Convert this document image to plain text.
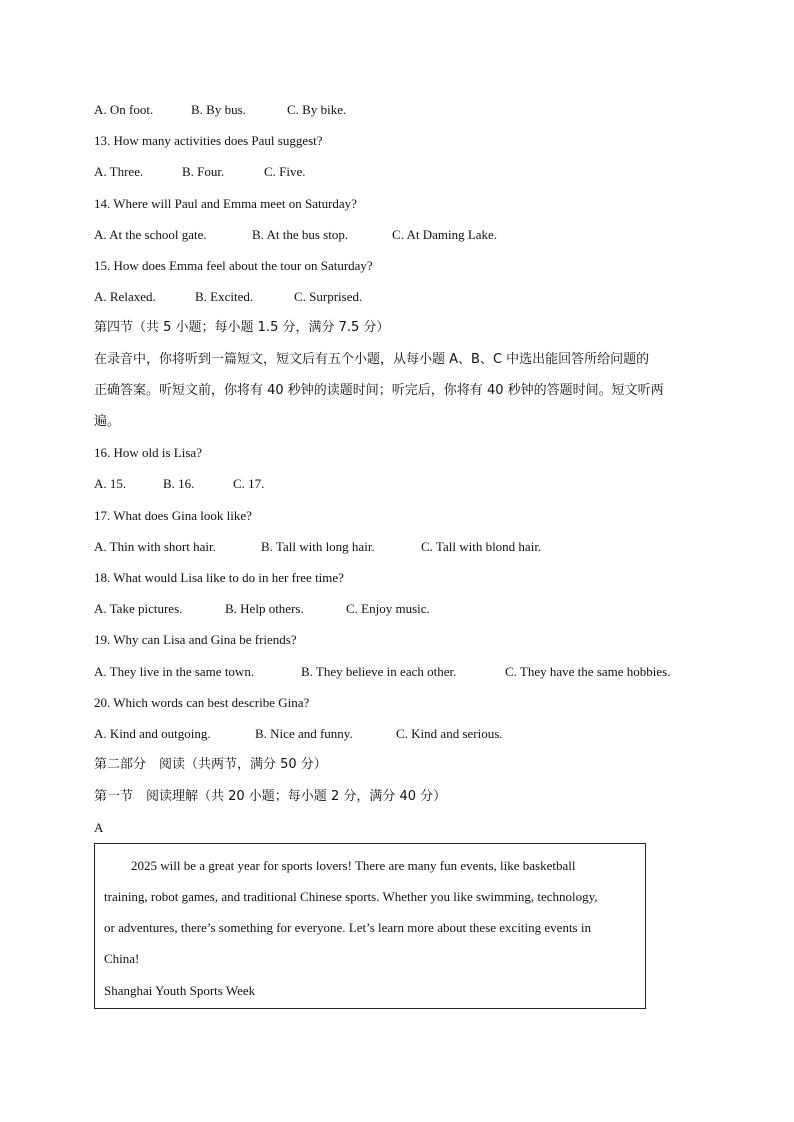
A. On foot.	B. By bus.	C. By bike.
13. How many activities does Paul suggest?
A. Three.	B. Four.	C. Five.
14. Where will Paul and Emma meet on Saturday?
A. At the school gate.	B. At the bus stop.	C. At Daming Lake.
15. How does Emma feel about the tour on Saturday?
A. Relaxed.	B. Excited.	C. Surprised.
第四节（共 5 小题；每小题 1.5 分，满分 7.5 分）
在录音中，你将听到一篇短文，短文后有五个小题，从每小题 A、B、C 中选出能回答所给问题的
正确答案。听短文前，你将有 40 秒钟的读题时间；听完后，你将有 40 秒钟的答题时间。短文听两
遍。
16. How old is Lisa?
A. 15.	B. 16.	C. 17.
17. What does Gina look like?
A. Thin with short hair.	B. Tall with long hair.	C. Tall with blond hair.
18. What would Lisa like to do in her free time?
A. Take pictures.	B. Help others.	C. Enjoy music.
19. Why can Lisa and Gina be friends?
A. They live in the same town.	B. They believe in each other.	C. They have the same hobbies.
20. Which words can best describe Gina?
A. Kind and outgoing.	B. Nice and funny.	C. Kind and serious.
第二部分　阅读（共两节，满分 50 分）
第一节　阅读理解（共 20 小题；每小题 2 分，满分 40 分）
A
2025 will be a great year for sports lovers! There are many fun events, like basketball
training, robot games, and traditional Chinese sports. Whether you like swimming, technology,
or adventures, there’s something for everyone. Let’s learn more about these exciting events in
China!
Shanghai Youth Sports Week
